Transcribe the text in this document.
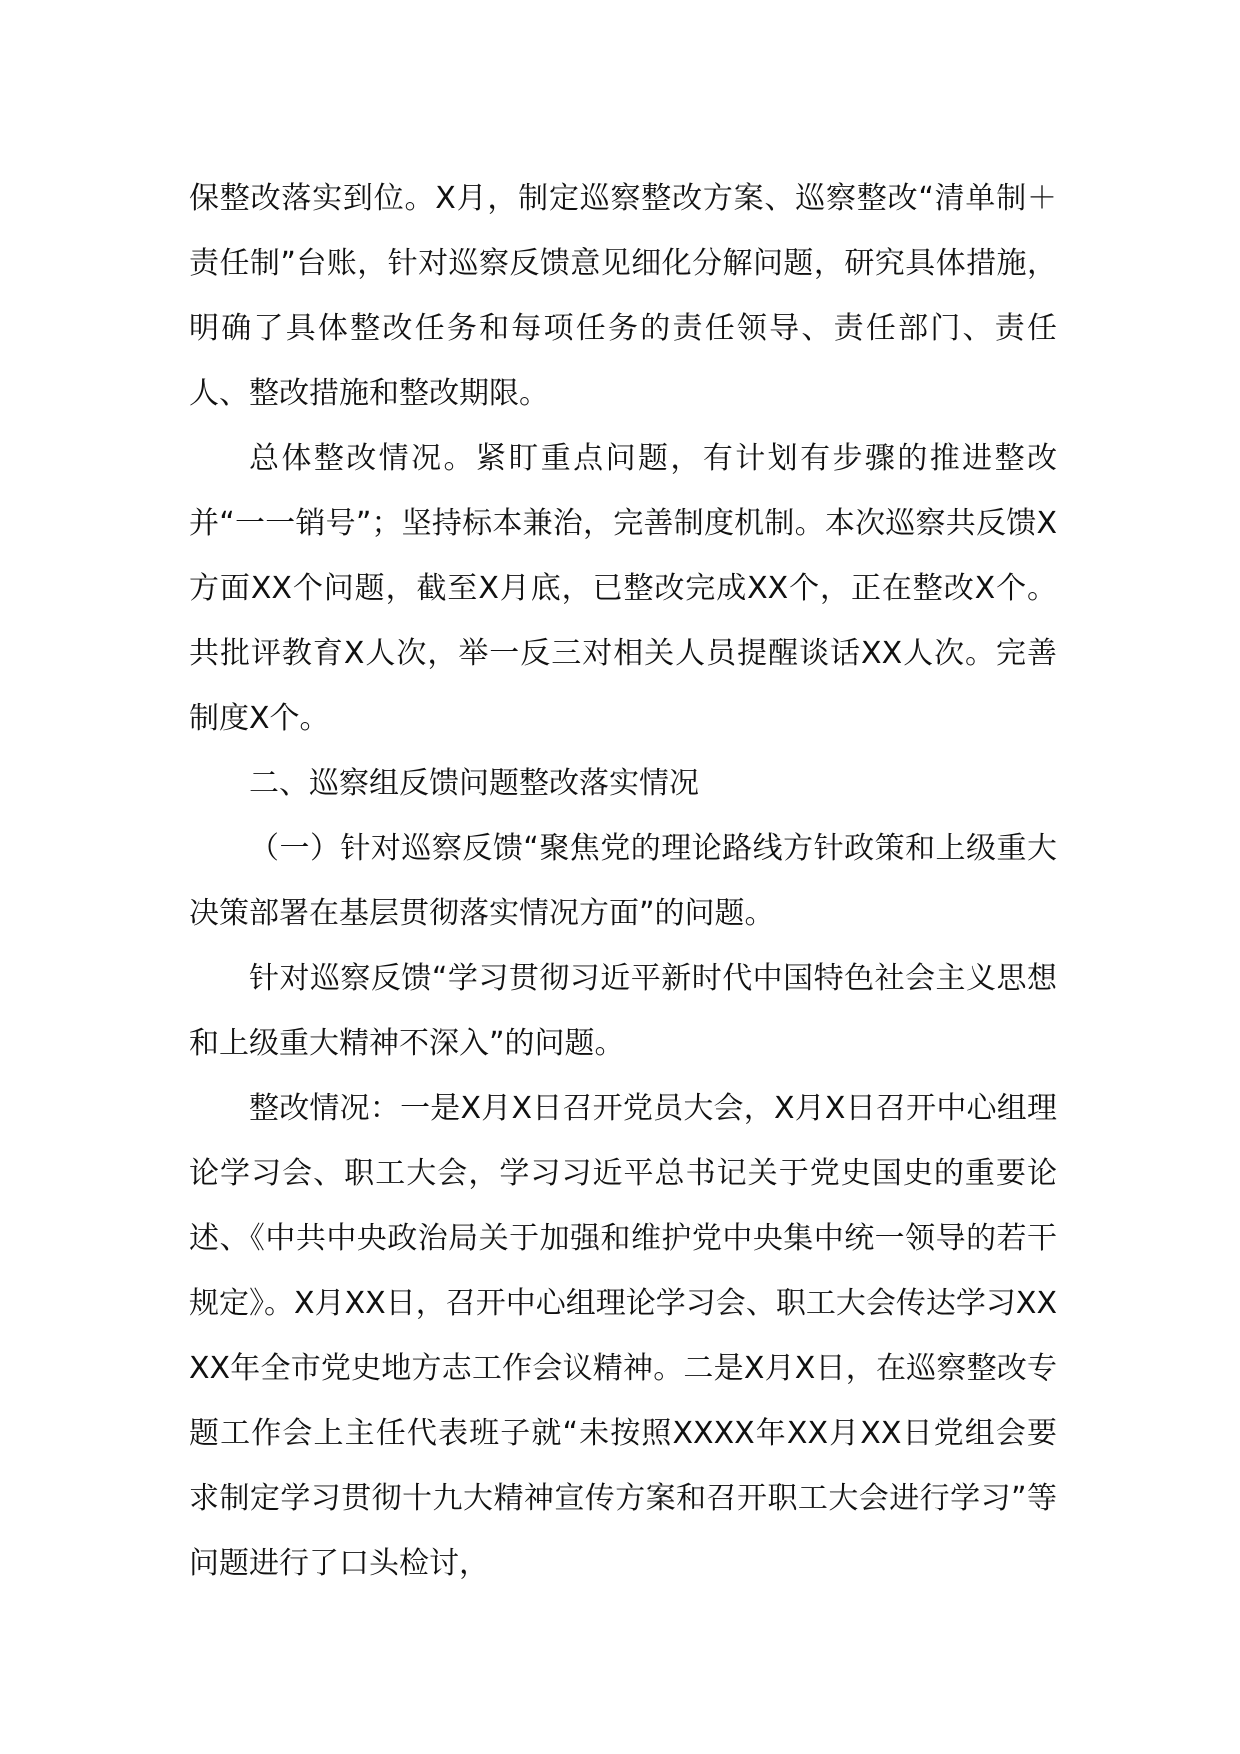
保整改落实到位。X月，制定巡察整改方案、巡察整改“清单制＋责任制”台账，针对巡察反馈意见细化分解问题，研究具体措施，明确了具体整改任务和每项任务的责任领导、责任部门、责任人、整改措施和整改期限。

总体整改情况。紧盯重点问题，有计划有步骤的推进整改并“一一销号”；坚持标本兼治，完善制度机制。本次巡察共反馈X方面XX个问题，截至X月底，已整改完成XX个，正在整改X个。共批评教育X人次，举一反三对相关人员提醒谈话XX人次。完善制度X个。

二、巡察组反馈问题整改落实情况

（一）针对巡察反馈“聚焦党的理论路线方针政策和上级重大决策部署在基层贯彻落实情况方面”的问题。

针对巡察反馈“学习贯彻习近平新时代中国特色社会主义思想和上级重大精神不深入”的问题。

整改情况：一是X月X日召开党员大会，X月X日召开中心组理论学习会、职工大会，学习习近平总书记关于党史国史的重要论述、《中共中央政治局关于加强和维护党中央集中统一领导的若干规定》。X月XX日，召开中心组理论学习会、职工大会传达学习XXXX年全市党史地方志工作会议精神。二是X月X日，在巡察整改专题工作会上主任代表班子就“未按照XXXX年XX月XX日党组会要求制定学习贯彻十九大精神宣传方案和召开职工大会进行学习”等问题进行了口头检讨，
